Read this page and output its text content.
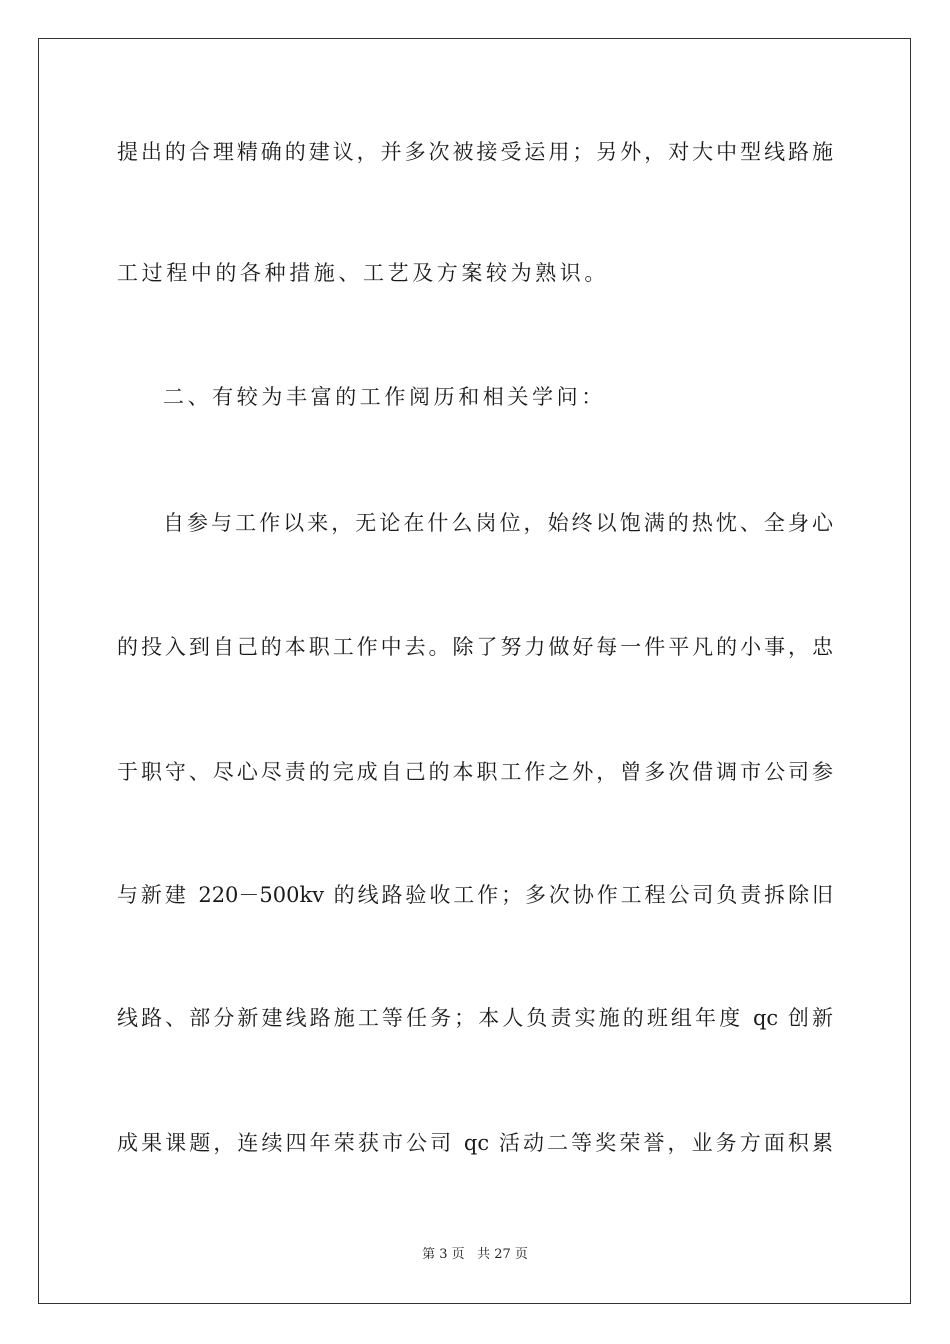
提出的合理精确的建议，并多次被接受运用；另外，对大中型线路施
工过程中的各种措施、工艺及方案较为熟识。
二、有较为丰富的工作阅历和相关学问：
自参与工作以来，无论在什么岗位，始终以饱满的热忱、全身心
的投入到自己的本职工作中去。除了努力做好每一件平凡的小事，忠
于职守、尽心尽责的完成自己的本职工作之外，曾多次借调市公司参
与新建 220－500kv 的线路验收工作；多次协作工程公司负责拆除旧
线路、部分新建线路施工等任务；本人负责实施的班组年度 qc 创新
成果课题，连续四年荣获市公司 qc 活动二等奖荣誉，业务方面积累
第 3 页 共 27 页
